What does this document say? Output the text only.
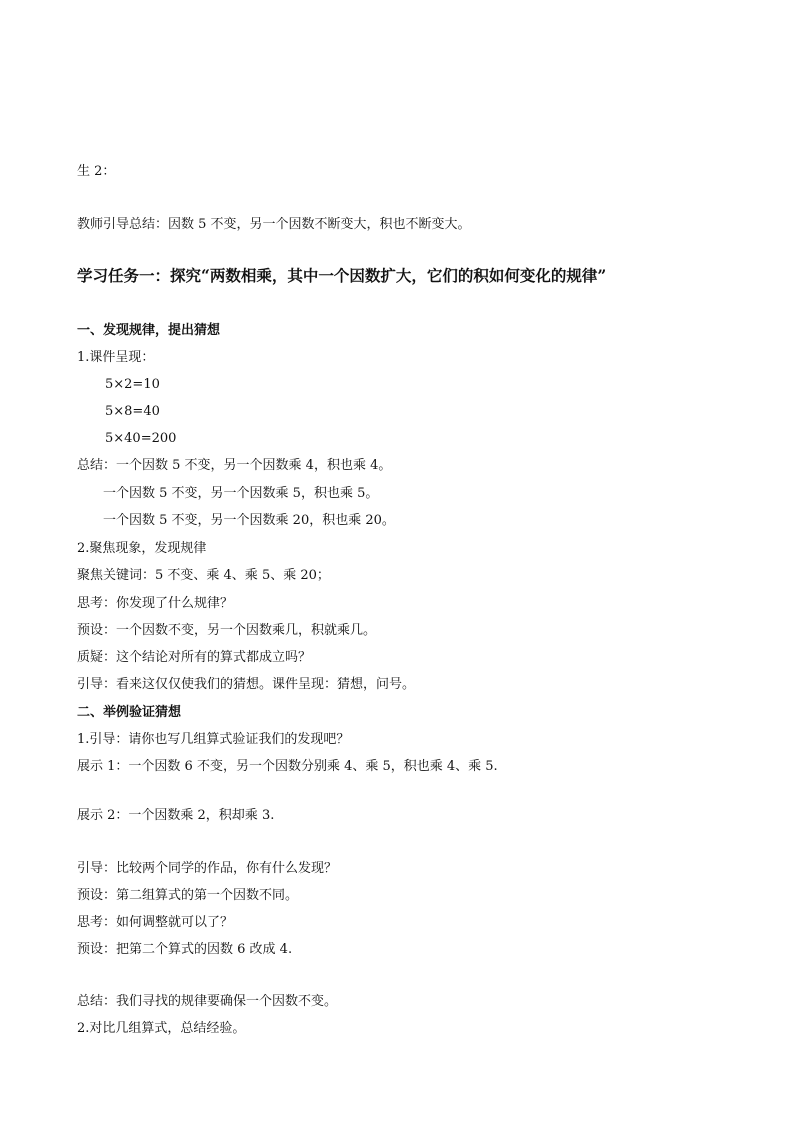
生 2：
教师引导总结：因数 5 不变，另一个因数不断变大，积也不断变大。
学习任务一：探究“两数相乘，其中一个因数扩大，它们的积如何变化的规律”
一、发现规律，提出猜想
1.课件呈现：
5×2=10
5×8=40
5×40=200
总结：一个因数 5 不变，另一个因数乘 4，积也乘 4。
一个因数 5 不变，另一个因数乘 5，积也乘 5。
一个因数 5 不变，另一个因数乘 20，积也乘 20。
2.聚焦现象，发现规律
聚焦关键词：5 不变、乘 4、乘 5、乘 20；
思考：你发现了什么规律？
预设：一个因数不变，另一个因数乘几，积就乘几。
质疑：这个结论对所有的算式都成立吗？
引导：看来这仅仅使我们的猜想。课件呈现：猜想，问号。
二、举例验证猜想
1.引导：请你也写几组算式验证我们的发现吧？
展示 1：一个因数 6 不变，另一个因数分别乘 4、乘 5，积也乘 4、乘 5.
展示 2：一个因数乘 2，积却乘 3.
引导：比较两个同学的作品，你有什么发现？
预设：第二组算式的第一个因数不同。
思考：如何调整就可以了？
预设：把第二个算式的因数 6 改成 4.
总结：我们寻找的规律要确保一个因数不变。
2.对比几组算式，总结经验。
